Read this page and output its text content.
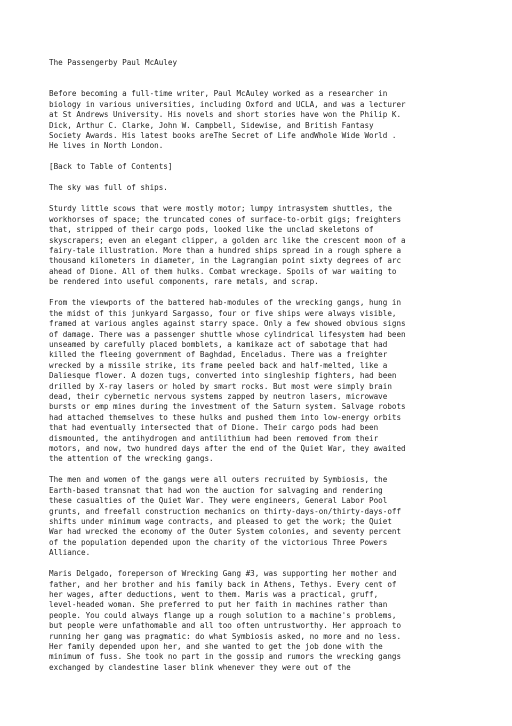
The Passengerby Paul McAuley
Before becoming a full-time writer, Paul McAuley worked as a researcher in
biology in various universities, including Oxford and UCLA, and was a lecturer
at St Andrews University. His novels and short stories have won the Philip K.
Dick, Arthur C. Clarke, John W. Campbell, Sidewise, and British Fantasy
Society Awards. His latest books areThe Secret of Life andWhole Wide World .
He lives in North London.
[Back to Table of Contents]
The sky was full of ships.
Sturdy little scows that were mostly motor; lumpy intrasystem shuttles, the
workhorses of space; the truncated cones of surface-to-orbit gigs; freighters
that, stripped of their cargo pods, looked like the unclad skeletons of
skyscrapers; even an elegant clipper, a golden arc like the crescent moon of a
fairy-tale illustration. More than a hundred ships spread in a rough sphere a
thousand kilometers in diameter, in the Lagrangian point sixty degrees of arc
ahead of Dione. All of them hulks. Combat wreckage. Spoils of war waiting to
be rendered into useful components, rare metals, and scrap.
From the viewports of the battered hab-modules of the wrecking gangs, hung in
the midst of this junkyard Sargasso, four or five ships were always visible,
framed at various angles against starry space. Only a few showed obvious signs
of damage. There was a passenger shuttle whose cylindrical lifesystem had been
unseamed by carefully placed bomblets, a kamikaze act of sabotage that had
killed the fleeing government of Baghdad, Enceladus. There was a freighter
wrecked by a missile strike, its frame peeled back and half-melted, like a
Daliesque flower. A dozen tugs, converted into singleship fighters, had been
drilled by X-ray lasers or holed by smart rocks. But most were simply brain
dead, their cybernetic nervous systems zapped by neutron lasers, microwave
bursts or emp mines during the investment of the Saturn system. Salvage robots
had attached themselves to these hulks and pushed them into low-energy orbits
that had eventually intersected that of Dione. Their cargo pods had been
dismounted, the antihydrogen and antilithium had been removed from their
motors, and now, two hundred days after the end of the Quiet War, they awaited
the attention of the wrecking gangs.
The men and women of the gangs were all outers recruited by Symbiosis, the
Earth-based transnat that had won the auction for salvaging and rendering
these casualties of the Quiet War. They were engineers, General Labor Pool
grunts, and freefall construction mechanics on thirty-days-on/thirty-days-off
shifts under minimum wage contracts, and pleased to get the work; the Quiet
War had wrecked the economy of the Outer System colonies, and seventy percent
of the population depended upon the charity of the victorious Three Powers
Alliance.
Maris Delgado, foreperson of Wrecking Gang #3, was supporting her mother and
father, and her brother and his family back in Athens, Tethys. Every cent of
her wages, after deductions, went to them. Maris was a practical, gruff,
level-headed woman. She preferred to put her faith in machines rather than
people. You could always flange up a rough solution to a machine's problems,
but people were unfathomable and all too often untrustworthy. Her approach to
running her gang was pragmatic: do what Symbiosis asked, no more and no less.
Her family depended upon her, and she wanted to get the job done with the
minimum of fuss. She took no part in the gossip and rumors the wrecking gangs
exchanged by clandestine laser blink whenever they were out of the
